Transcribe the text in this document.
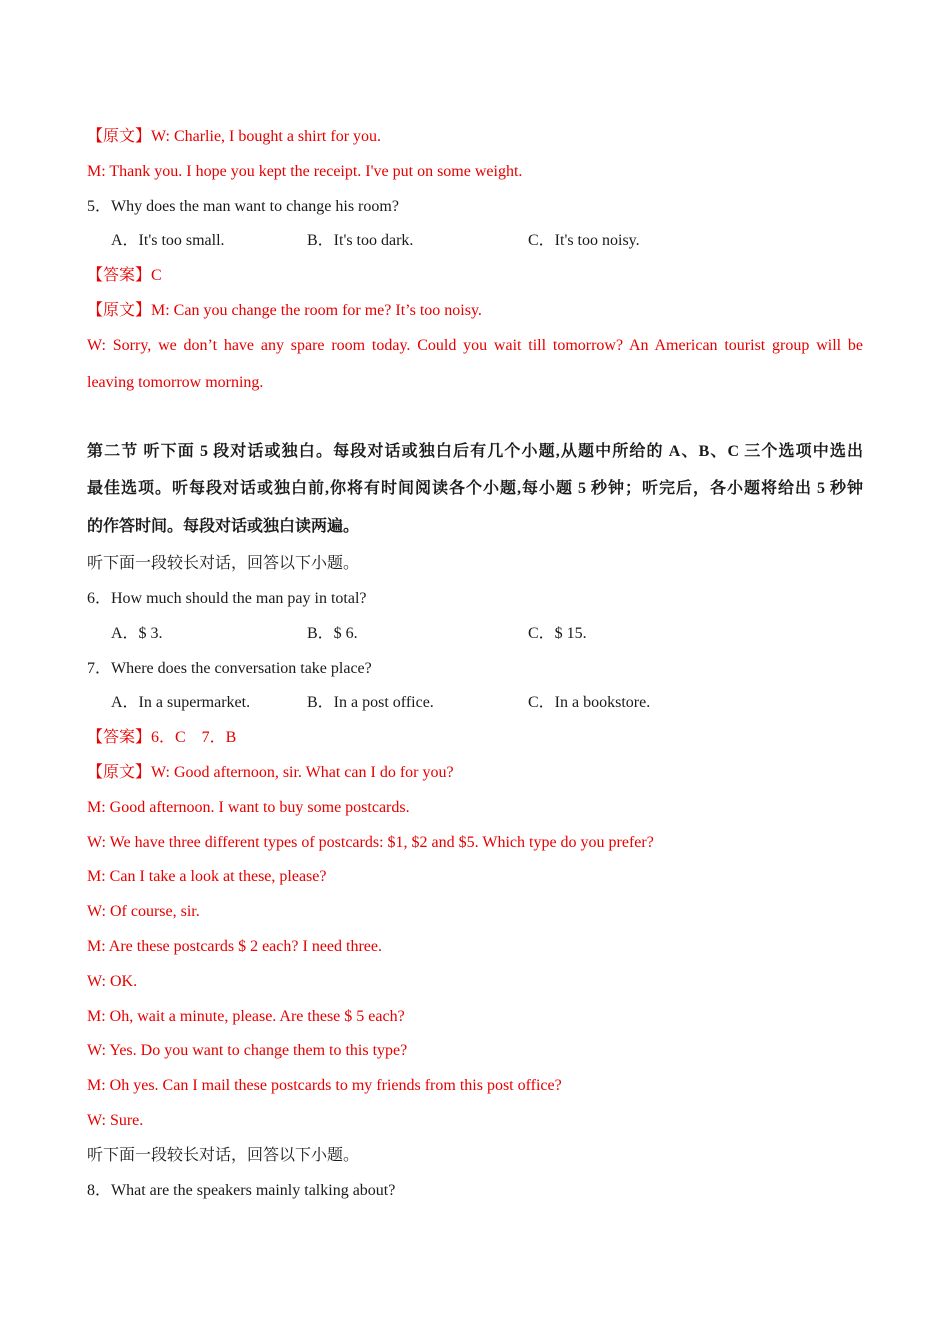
【原文】W: Charlie, I bought a shirt for you.
M: Thank you. I hope you kept the receipt. I've put on some weight.
5．Why does the man want to change his room?
A．It's too small.	B．It's too dark.	C．It's too noisy.
【答案】C
【原文】M: Can you change the room for me? It’s too noisy.
W: Sorry, we don’t have any spare room today. Could you wait till tomorrow? An American tourist group will be
leaving tomorrow morning.
第二节 听下面 5 段对话或独白。每段对话或独白后有几个小题,从题中所给的 A、B、C 三个选项中选出
最佳选项。听每段对话或独白前,你将有时间阅读各个小题,每小题 5 秒钟；听完后，各小题将给出 5 秒钟
的作答时间。每段对话或独白读两遍。
听下面一段较长对话，回答以下小题。
6．How much should the man pay in total?
A．$ 3.	B．$ 6.	C．$ 15.
7．Where does the conversation take place?
A．In a supermarket.	B．In a post office.	C．In a bookstore.
【答案】6．C    7．B
【原文】W: Good afternoon, sir. What can I do for you?
M: Good afternoon. I want to buy some postcards.
W: We have three different types of postcards: $1, $2 and $5. Which type do you prefer?
M: Can I take a look at these, please?
W: Of course, sir.
M: Are these postcards $ 2 each? I need three.
W: OK.
M: Oh, wait a minute, please. Are these $ 5 each?
W: Yes. Do you want to change them to this type?
M: Oh yes. Can I mail these postcards to my friends from this post office?
W: Sure.
听下面一段较长对话，回答以下小题。
8．What are the speakers mainly talking about?
